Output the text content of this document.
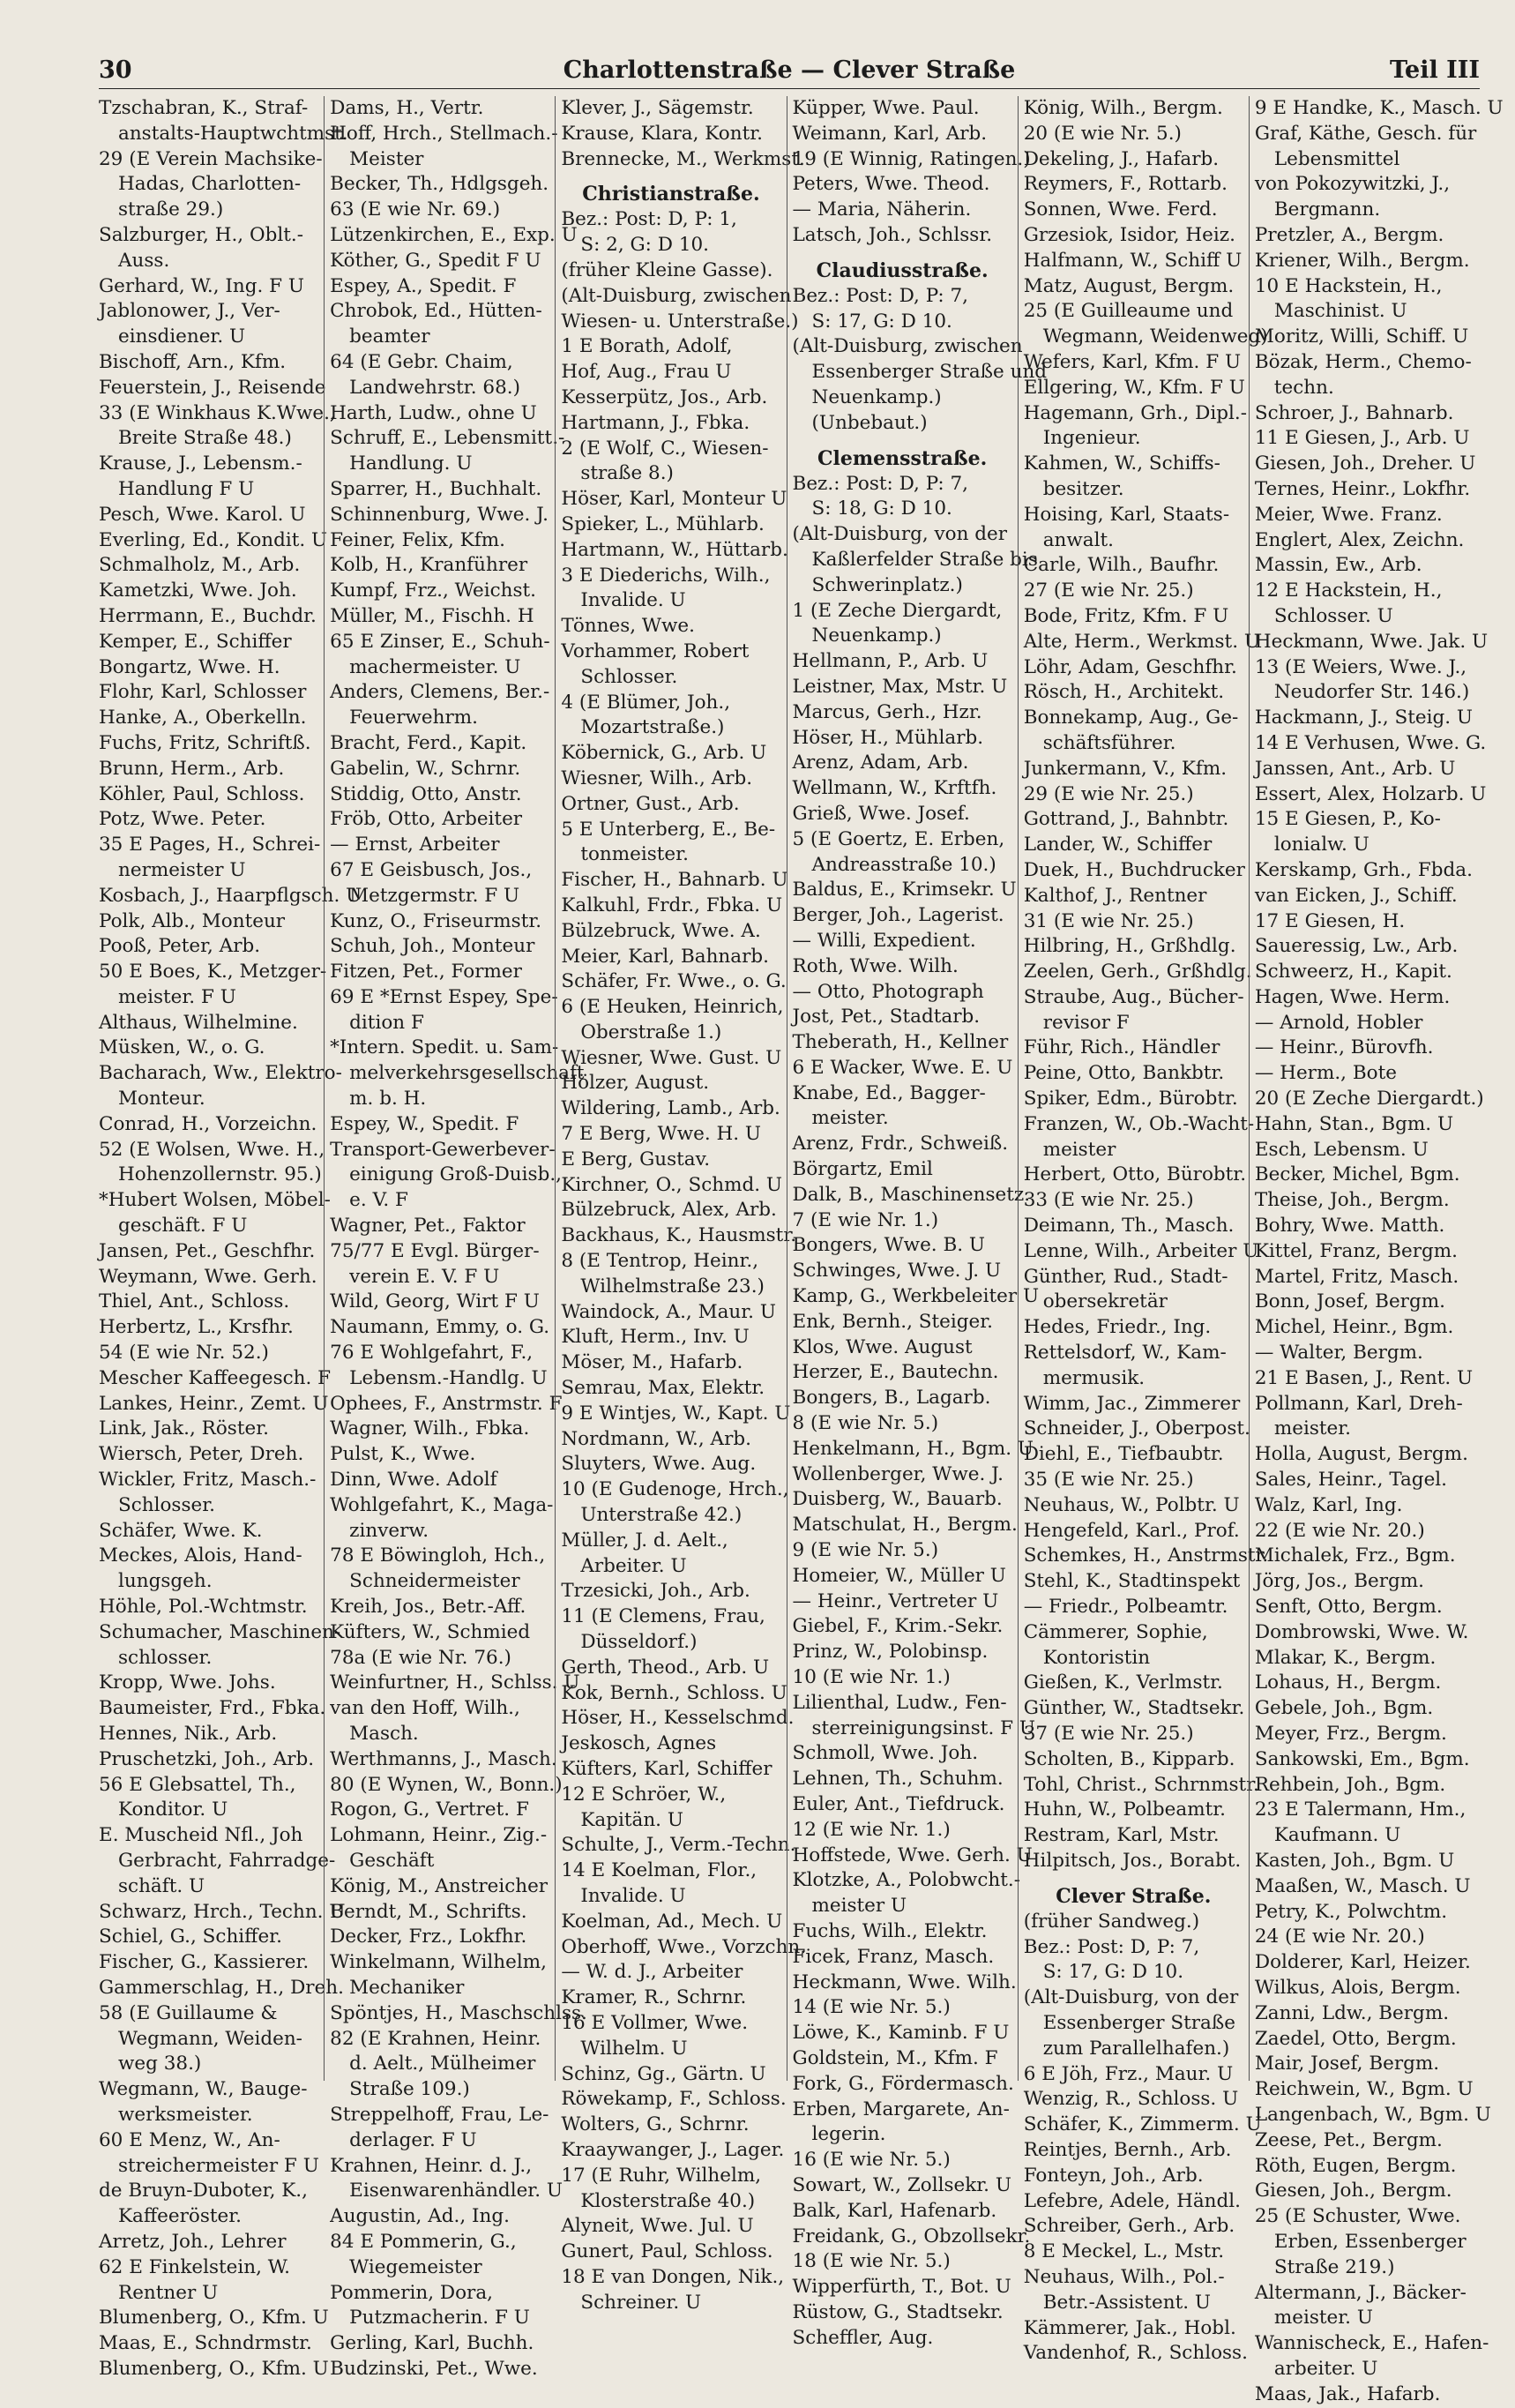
30	Charlottenstraße — Clever Straße	Teil III
Tzschabran, K., Straf-
anstalts-Hauptwchtmst.
29 (E Verein Machsike-
Hadas, Charlotten-
straße 29.)
Salzburger, H., Oblt.-
Auss.
Gerhard, W., Ing. F U
Jablonower, J., Ver-
einsdiener. U
Bischoff, Arn., Kfm.
Feuerstein, J., Reisende
33 (E Winkhaus K.Wwe.,
Breite Straße 48.)
Krause, J., Lebensm.-
Handlung F U
Pesch, Wwe. Karol. U
Everling, Ed., Kondit. U
Schmalholz, M., Arb.
Kametzki, Wwe. Joh.
Herrmann, E., Buchdr.
Kemper, E., Schiffer
Bongartz, Wwe. H.
Flohr, Karl, Schlosser
Hanke, A., Oberkelln.
Fuchs, Fritz, Schriftß.
Brunn, Herm., Arb.
Köhler, Paul, Schloss.
Potz, Wwe. Peter.
35 E Pages, H., Schrei-
nermeister U
Kosbach, J., Haarpflgsch. U
Polk, Alb., Monteur
Pooß, Peter, Arb.
50 E Boes, K., Metzger-
meister. F U
Althaus, Wilhelmine.
Müsken, W., o. G.
Bacharach, Ww., Elektro-
Monteur.
Conrad, H., Vorzeichn.
52 (E Wolsen, Wwe. H.,
Hohenzollernstr. 95.)
*Hubert Wolsen, Möbel-
geschäft. F U
Jansen, Pet., Geschfhr.
Weymann, Wwe. Gerh.
Thiel, Ant., Schloss.
Herbertz, L., Krsfhr.
54 (E wie Nr. 52.)
Mescher Kaffeegesch. F
Lankes, Heinr., Zemt. U
Link, Jak., Röster.
Wiersch, Peter, Dreh.
Wickler, Fritz, Masch.-
Schlosser.
Schäfer, Wwe. K.
Meckes, Alois, Hand-
lungsgeh.
Höhle, Pol.-Wchtmstr.
Schumacher, Maschinen-
schlosser.
Kropp, Wwe. Johs.
Baumeister, Frd., Fbka.
Hennes, Nik., Arb.
Pruschetzki, Joh., Arb.
56 E Glebsattel, Th.,
Konditor. U
E. Muscheid Nfl., Joh
Gerbracht, Fahrradge-
schäft. U
Schwarz, Hrch., Techn. U
Schiel, G., Schiffer.
Fischer, G., Kassierer.
Gammerschlag, H., Dreh.
58 (E Guillaume &
Wegmann, Weiden-
weg 38.)
Wegmann, W., Bauge-
werksmeister.
60 E Menz, W., An-
streichermeister F U
de Bruyn-Duboter, K.,
Kaffeeröster.
Arretz, Joh., Lehrer
62 E Finkelstein, W.
Rentner U
Blumenberg, O., Kfm. U
Maas, E., Schndrmstr.
Blumenberg, O., Kfm. U
Dams, H., Vertr.
Hoff, Hrch., Stellmach.-
Meister
Becker, Th., Hdlgsgeh.
63 (E wie Nr. 69.)
Lützenkirchen, E., Exp. U
Köther, G., Spedit F U
Espey, A., Spedit. F
Chrobok, Ed., Hütten-
beamter
64 (E Gebr. Chaim,
Landwehrstr. 68.)
Harth, Ludw., ohne U
Schruff, E., Lebensmitt.-
Handlung. U
Sparrer, H., Buchhalt.
Schinnenburg, Wwe. J.
Feiner, Felix, Kfm.
Kolb, H., Kranführer
Kumpf, Frz., Weichst.
Müller, M., Fischh. H
65 E Zinser, E., Schuh-
machermeister. U
Anders, Clemens, Ber.-
Feuerwehrm.
Bracht, Ferd., Kapit.
Gabelin, W., Schrnr.
Stiddig, Otto, Anstr.
Fröb, Otto, Arbeiter
— Ernst, Arbeiter
67 E Geisbusch, Jos.,
Metzgermstr. F U
Kunz, O., Friseurmstr.
Schuh, Joh., Monteur
Fitzen, Pet., Former
69 E *Ernst Espey, Spe-
dition F
*Intern. Spedit. u. Sam-
melverkehrsgesellschaft
m. b. H.
Espey, W., Spedit. F
Transport-Gewerbever-
einigung Groß-Duisb.,
e. V. F
Wagner, Pet., Faktor
75/77 E Evgl. Bürger-
verein E. V. F U
Wild, Georg, Wirt F U
Naumann, Emmy, o. G.
76 E Wohlgefahrt, F.,
Lebensm.-Handlg. U
Ophees, F., Anstrmstr. F
Wagner, Wilh., Fbka.
Pulst, K., Wwe.
Dinn, Wwe. Adolf
Wohlgefahrt, K., Maga-
zinverw.
78 E Böwingloh, Hch.,
Schneidermeister
Kreih, Jos., Betr.-Aff.
Küfters, W., Schmied
78a (E wie Nr. 76.)
Weinfurtner, H., Schlss. U
van den Hoff, Wilh.,
Masch.
Werthmanns, J., Masch.
80 (E Wynen, W., Bonn.)
Rogon, G., Vertret. F
Lohmann, Heinr., Zig.-
Geschäft
König, M., Anstreicher
Berndt, M., Schrifts.
Decker, Frz., Lokfhr.
Winkelmann, Wilhelm,
Mechaniker
Spöntjes, H., Maschschlss.
82 (E Krahnen, Heinr.
d. Aelt., Mülheimer
Straße 109.)
Streppelhoff, Frau, Le-
derlager. F U
Krahnen, Heinr. d. J.,
Eisenwarenhändler. U
Augustin, Ad., Ing.
84 E Pommerin, G.,
Wiegemeister
Pommerin, Dora,
Putzmacherin. F U
Gerling, Karl, Buchh.
Budzinski, Pet., Wwe.
Klever, J., Sägemstr.
Krause, Klara, Kontr.
Brennecke, M., Werkmst.
Christianstraße.
Bez.: Post: D, P: 1,
S: 2, G: D 10.
(früher Kleine Gasse).
(Alt-Duisburg, zwischen
Wiesen- u. Unterstraße.)
1 E Borath, Adolf,
Hof, Aug., Frau U
Kesserpütz, Jos., Arb.
Hartmann, J., Fbka.
2 (E Wolf, C., Wiesen-
straße 8.)
Höser, Karl, Monteur U
Spieker, L., Mühlarb.
Hartmann, W., Hüttarb.
3 E Diederichs, Wilh.,
Invalide. U
Tönnes, Wwe.
Vorhammer, Robert
Schlosser.
4 (E Blümer, Joh.,
Mozartstraße.)
Köbernick, G., Arb. U
Wiesner, Wilh., Arb.
Ortner, Gust., Arb.
5 E Unterberg, E., Be-
tonmeister.
Fischer, H., Bahnarb. U
Kalkuhl, Frdr., Fbka. U
Bülzebruck, Wwe. A.
Meier, Karl, Bahnarb.
Schäfer, Fr. Wwe., o. G.
6 (E Heuken, Heinrich,
Oberstraße 1.)
Wiesner, Wwe. Gust. U
Hölzer, August.
Wildering, Lamb., Arb.
7 E Berg, Wwe. H. U
E Berg, Gustav.
Kirchner, O., Schmd. U
Bülzebruck, Alex, Arb.
Backhaus, K., Hausmstr.
8 (E Tentrop, Heinr.,
Wilhelmstraße 23.)
Waindock, A., Maur. U
Kluft, Herm., Inv. U
Möser, M., Hafarb.
Semrau, Max, Elektr.
9 E Wintjes, W., Kapt. U
Nordmann, W., Arb.
Sluyters, Wwe. Aug.
10 (E Gudenoge, Hrch.,
Unterstraße 42.)
Müller, J. d. Aelt.,
Arbeiter. U
Trzesicki, Joh., Arb.
11 (E Clemens, Frau,
Düsseldorf.)
Gerth, Theod., Arb. U
Kok, Bernh., Schloss. U
Höser, H., Kesselschmd.
Jeskosch, Agnes
Küfters, Karl, Schiffer
12 E Schröer, W.,
Kapitän. U
Schulte, J., Verm.-Techn.
14 E Koelman, Flor.,
Invalide. U
Koelman, Ad., Mech. U
Oberhoff, Wwe., Vorzchn.
— W. d. J., Arbeiter
Kramer, R., Schrnr.
16 E Vollmer, Wwe.
Wilhelm. U
Schinz, Gg., Gärtn. U
Röwekamp, F., Schloss.
Wolters, G., Schrnr.
Kraaywanger, J., Lager.
17 (E Ruhr, Wilhelm,
Klosterstraße 40.)
Alyneit, Wwe. Jul. U
Gunert, Paul, Schloss.
18 E van Dongen, Nik.,
Schreiner. U
Küpper, Wwe. Paul.
Weimann, Karl, Arb.
19 (E Winnig, Ratingen.)
Peters, Wwe. Theod.
— Maria, Näherin.
Latsch, Joh., Schlssr.
Claudiusstraße.
Bez.: Post: D, P: 7,
S: 17, G: D 10.
(Alt-Duisburg, zwischen
Essenberger Straße und
Neuenkamp.)
(Unbebaut.)
Clemensstraße.
Bez.: Post: D, P: 7,
S: 18, G: D 10.
(Alt-Duisburg, von der
Kaßlerfelder Straße bis
Schwerinplatz.)
1 (E Zeche Diergardt,
Neuenkamp.)
Hellmann, P., Arb. U
Leistner, Max, Mstr. U
Marcus, Gerh., Hzr.
Höser, H., Mühlarb.
Arenz, Adam, Arb.
Wellmann, W., Krftfh.
Grieß, Wwe. Josef.
5 (E Goertz, E. Erben,
Andreasstraße 10.)
Baldus, E., Krimsekr. U
Berger, Joh., Lagerist.
— Willi, Expedient.
Roth, Wwe. Wilh.
— Otto, Photograph
Jost, Pet., Stadtarb.
Theberath, H., Kellner
6 E Wacker, Wwe. E. U
Knabe, Ed., Bagger-
meister.
Arenz, Frdr., Schweiß.
Börgartz, Emil
Dalk, B., Maschinensetz.
7 (E wie Nr. 1.)
Bongers, Wwe. B. U
Schwinges, Wwe. J. U
Kamp, G., Werkbeleiter U
Enk, Bernh., Steiger.
Klos, Wwe. August
Herzer, E., Bautechn.
Bongers, B., Lagarb.
8 (E wie Nr. 5.)
Henkelmann, H., Bgm. U
Wollenberger, Wwe. J.
Duisberg, W., Bauarb.
Matschulat, H., Bergm.
9 (E wie Nr. 5.)
Homeier, W., Müller U
— Heinr., Vertreter U
Giebel, F., Krim.-Sekr.
Prinz, W., Polobinsp.
10 (E wie Nr. 1.)
Lilienthal, Ludw., Fen-
sterreinigungsinst. F U
Schmoll, Wwe. Joh.
Lehnen, Th., Schuhm.
Euler, Ant., Tiefdruck.
12 (E wie Nr. 1.)
Hoffstede, Wwe. Gerh. U
Klotzke, A., Polobwcht.-
meister U
Fuchs, Wilh., Elektr.
Ficek, Franz, Masch.
Heckmann, Wwe. Wilh.
14 (E wie Nr. 5.)
Löwe, K., Kaminb. F U
Goldstein, M., Kfm. F
Fork, G., Fördermasch.
Erben, Margarete, An-
legerin.
16 (E wie Nr. 5.)
Sowart, W., Zollsekr. U
Balk, Karl, Hafenarb.
Freidank, G., Obzollsekr.
18 (E wie Nr. 5.)
Wipperfürth, T., Bot. U
Rüstow, G., Stadtsekr.
Scheffler, Aug.
König, Wilh., Bergm.
20 (E wie Nr. 5.)
Dekeling, J., Hafarb.
Reymers, F., Rottarb.
Sonnen, Wwe. Ferd.
Grzesiok, Isidor, Heiz.
Halfmann, W., Schiff U
Matz, August, Bergm.
25 (E Guilleaume und
Wegmann, Weidenweg)
Wefers, Karl, Kfm. F U
Ellgering, W., Kfm. F U
Hagemann, Grh., Dipl.-
Ingenieur.
Kahmen, W., Schiffs-
besitzer.
Hoising, Karl, Staats-
anwalt.
Carle, Wilh., Baufhr.
27 (E wie Nr. 25.)
Bode, Fritz, Kfm. F U
Alte, Herm., Werkmst. U
Löhr, Adam, Geschfhr.
Rösch, H., Architekt.
Bonnekamp, Aug., Ge-
schäftsführer.
Junkermann, V., Kfm.
29 (E wie Nr. 25.)
Gottrand, J., Bahnbtr.
Lander, W., Schiffer
Duek, H., Buchdrucker
Kalthof, J., Rentner
31 (E wie Nr. 25.)
Hilbring, H., Grßhdlg.
Zeelen, Gerh., Grßhdlg.
Straube, Aug., Bücher-
revisor F
Führ, Rich., Händler
Peine, Otto, Bankbtr.
Spiker, Edm., Bürobtr.
Franzen, W., Ob.-Wacht-
meister
Herbert, Otto, Bürobtr.
33 (E wie Nr. 25.)
Deimann, Th., Masch.
Lenne, Wilh., Arbeiter U
Günther, Rud., Stadt-
obersekretär
Hedes, Friedr., Ing.
Rettelsdorf, W., Kam-
mermusik.
Wimm, Jac., Zimmerer
Schneider, J., Oberpost.
Diehl, E., Tiefbaubtr.
35 (E wie Nr. 25.)
Neuhaus, W., Polbtr. U
Hengefeld, Karl., Prof.
Schemkes, H., Anstrmstr.
Stehl, K., Stadtinspekt
— Friedr., Polbeamtr.
Cämmerer, Sophie,
Kontoristin
Gießen, K., Verlmstr.
Günther, W., Stadtsekr.
37 (E wie Nr. 25.)
Scholten, B., Kipparb.
Tohl, Christ., Schrnmstr.
Huhn, W., Polbeamtr.
Restram, Karl, Mstr.
Hilpitsch, Jos., Borabt.
Clever Straße.
(früher Sandweg.)
Bez.: Post: D, P: 7,
S: 17, G: D 10.
(Alt-Duisburg, von der
Essenberger Straße
zum Parallelhafen.)
6 E Jöh, Frz., Maur. U
Wenzig, R., Schloss. U
Schäfer, K., Zimmerm. U
Reintjes, Bernh., Arb.
Fonteyn, Joh., Arb.
Lefebre, Adele, Händl.
Schreiber, Gerh., Arb.
8 E Meckel, L., Mstr.
Neuhaus, Wilh., Pol.-
Betr.-Assistent. U
Kämmerer, Jak., Hobl.
Vandenhof, R., Schloss.
9 E Handke, K., Masch. U
Graf, Käthe, Gesch. für
Lebensmittel
von Pokozywitzki, J.,
Bergmann.
Pretzler, A., Bergm.
Kriener, Wilh., Bergm.
10 E Hackstein, H.,
Maschinist. U
Moritz, Willi, Schiff. U
Bözak, Herm., Chemo-
techn.
Schroer, J., Bahnarb.
11 E Giesen, J., Arb. U
Giesen, Joh., Dreher. U
Ternes, Heinr., Lokfhr.
Meier, Wwe. Franz.
Englert, Alex, Zeichn.
Massin, Ew., Arb.
12 E Hackstein, H.,
Schlosser. U
Heckmann, Wwe. Jak. U
13 (E Weiers, Wwe. J.,
Neudorfer Str. 146.)
Hackmann, J., Steig. U
14 E Verhusen, Wwe. G.
Janssen, Ant., Arb. U
Essert, Alex, Holzarb. U
15 E Giesen, P., Ko-
lonialw. U
Kerskamp, Grh., Fbda.
van Eicken, J., Schiff.
17 E Giesen, H.
Saueressig, Lw., Arb.
Schweerz, H., Kapit.
Hagen, Wwe. Herm.
— Arnold, Hobler
— Heinr., Bürovfh.
— Herm., Bote
20 (E Zeche Diergardt.)
Hahn, Stan., Bgm. U
Esch, Lebensm. U
Becker, Michel, Bgm.
Theise, Joh., Bergm.
Bohry, Wwe. Matth.
Kittel, Franz, Bergm.
Martel, Fritz, Masch.
Bonn, Josef, Bergm.
Michel, Heinr., Bgm.
— Walter, Bergm.
21 E Basen, J., Rent. U
Pollmann, Karl, Dreh-
meister.
Holla, August, Bergm.
Sales, Heinr., Tagel.
Walz, Karl, Ing.
22 (E wie Nr. 20.)
Michalek, Frz., Bgm.
Jörg, Jos., Bergm.
Senft, Otto, Bergm.
Dombrowski, Wwe. W.
Mlakar, K., Bergm.
Lohaus, H., Bergm.
Gebele, Joh., Bgm.
Meyer, Frz., Bergm.
Sankowski, Em., Bgm.
Rehbein, Joh., Bgm.
23 E Talermann, Hm.,
Kaufmann. U
Kasten, Joh., Bgm. U
Maaßen, W., Masch. U
Petry, K., Polwchtm.
24 (E wie Nr. 20.)
Dolderer, Karl, Heizer.
Wilkus, Alois, Bergm.
Zanni, Ldw., Bergm.
Zaedel, Otto, Bergm.
Mair, Josef, Bergm.
Reichwein, W., Bgm. U
Langenbach, W., Bgm. U
Zeese, Pet., Bergm.
Röth, Eugen, Bergm.
Giesen, Joh., Bergm.
25 (E Schuster, Wwe.
Erben, Essenberger
Straße 219.)
Altermann, J., Bäcker-
meister. U
Wannischeck, E., Hafen-
arbeiter. U
Maas, Jak., Hafarb.
